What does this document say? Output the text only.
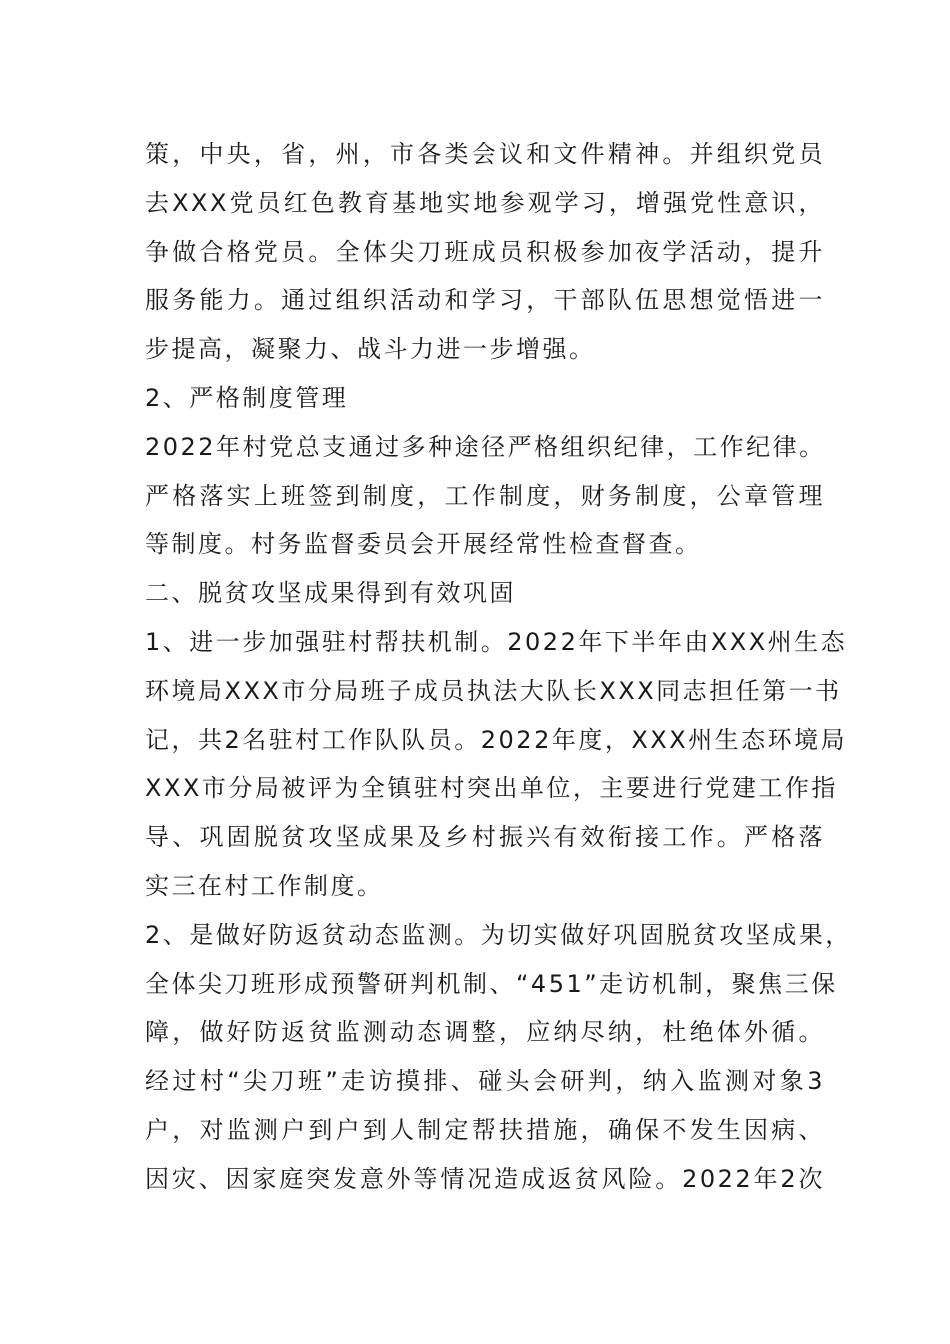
策，中央，省，州，市各类会议和文件精神。并组织党员
去XXX党员红色教育基地实地参观学习，增强党性意识，
争做合格党员。全体尖刀班成员积极参加夜学活动，提升
服务能力。通过组织活动和学习，干部队伍思想觉悟进一
步提高，凝聚力、战斗力进一步增强。
2、严格制度管理
2022年村党总支通过多种途径严格组织纪律，工作纪律。
严格落实上班签到制度，工作制度，财务制度，公章管理
等制度。村务监督委员会开展经常性检查督查。
二、脱贫攻坚成果得到有效巩固
1、进一步加强驻村帮扶机制。2022年下半年由XXX州生态
环境局XXX市分局班子成员执法大队长XXX同志担任第一书
记，共2名驻村工作队队员。2022年度，XXX州生态环境局
XXX市分局被评为全镇驻村突出单位，主要进行党建工作指
导、巩固脱贫攻坚成果及乡村振兴有效衔接工作。严格落
实三在村工作制度。
2、是做好防返贫动态监测。为切实做好巩固脱贫攻坚成果，
全体尖刀班形成预警研判机制、“451”走访机制，聚焦三保
障，做好防返贫监测动态调整，应纳尽纳，杜绝体外循。
经过村“尖刀班”走访摸排、碰头会研判，纳入监测对象3
户，对监测户到户到人制定帮扶措施，确保不发生因病、
因灾、因家庭突发意外等情况造成返贫风险。2022年2次
